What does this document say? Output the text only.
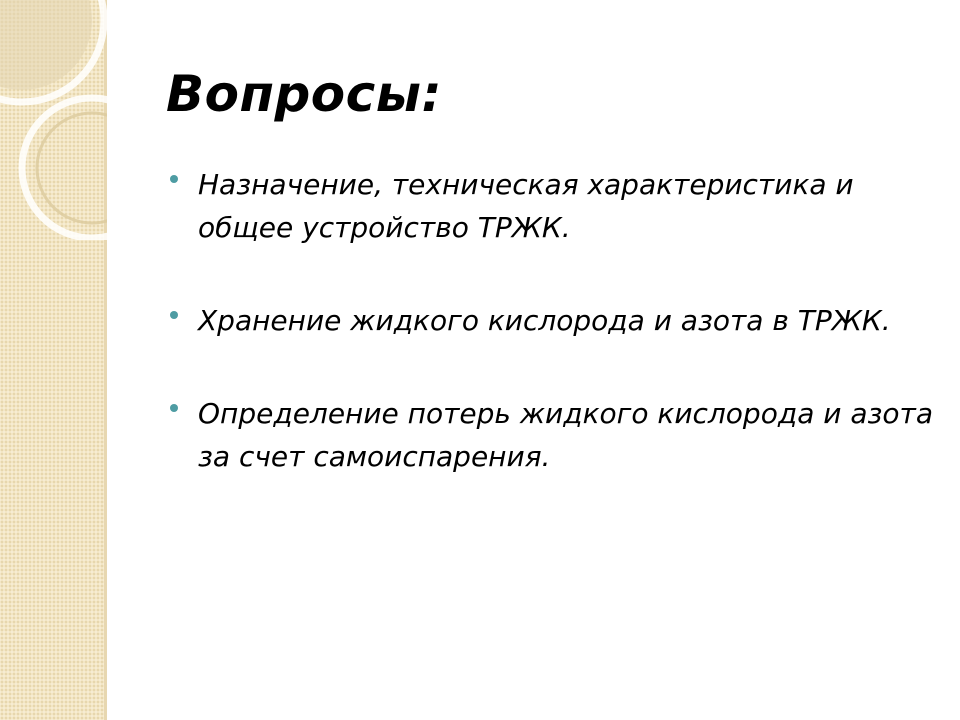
Вопросы:
Назначение, техническая характеристика и общее устройство ТРЖК.
Хранение жидкого кислорода и азота в ТРЖК.
Определение потерь жидкого кислорода и азота за счет самоиспарения.
